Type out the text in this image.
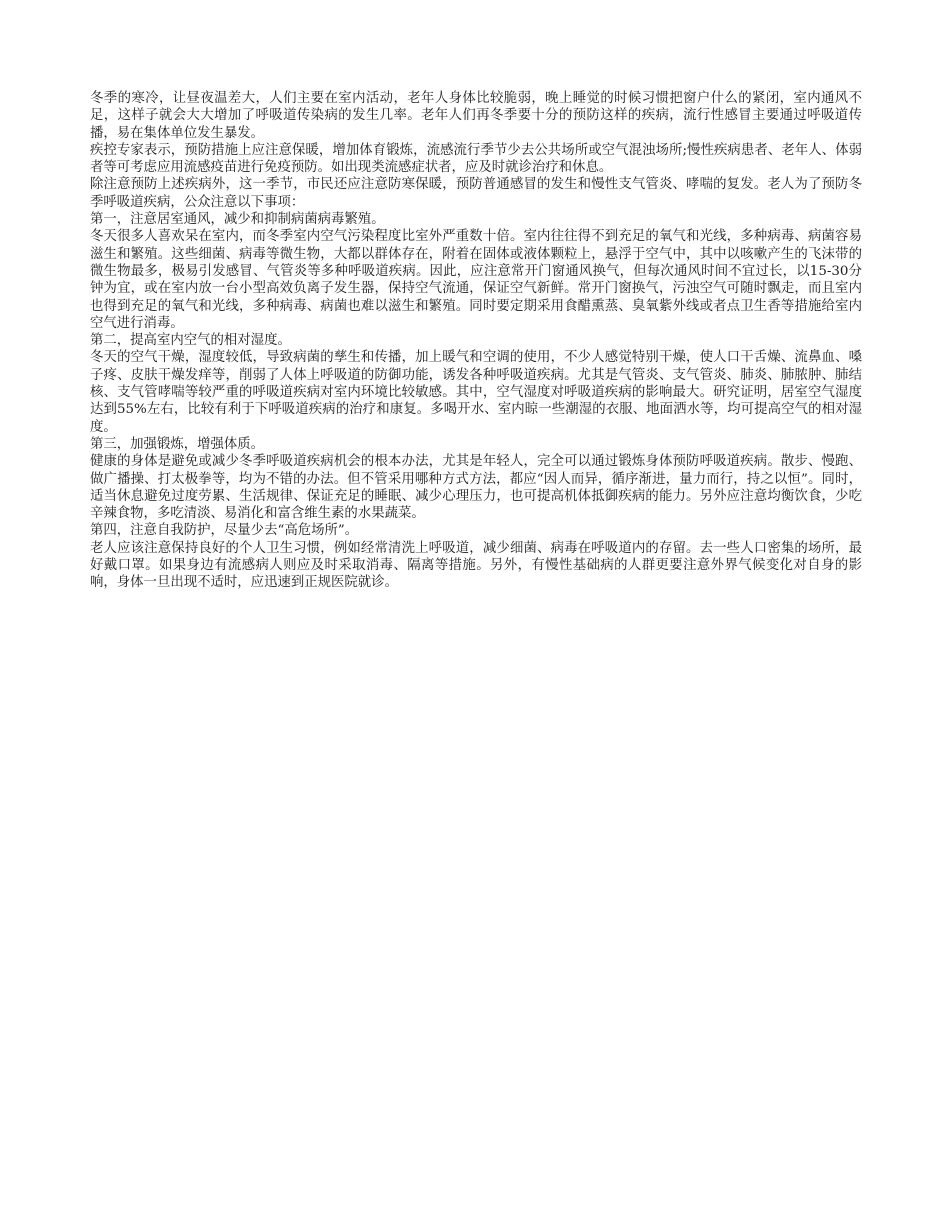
冬季的寒冷，让昼夜温差大，人们主要在室内活动，老年人身体比较脆弱，晚上睡觉的时候习惯把窗户什么的紧闭，室内通风不足，这样子就会大大增加了呼吸道传染病的发生几率。老年人们再冬季要十分的预防这样的疾病，流行性感冒主要通过呼吸道传播，易在集体单位发生暴发。

疾控专家表示，预防措施上应注意保暖，增加体育锻炼，流感流行季节少去公共场所或空气混浊场所;慢性疾病患者、老年人、体弱者等可考虑应用流感疫苗进行免疫预防。如出现类流感症状者，应及时就诊治疗和休息。

除注意预防上述疾病外，这一季节，市民还应注意防寒保暖，预防普通感冒的发生和慢性支气管炎、哮喘的复发。老人为了预防冬季呼吸道疾病，公众注意以下事项：

第一，注意居室通风，减少和抑制病菌病毒繁殖。

冬天很多人喜欢呆在室内，而冬季室内空气污染程度比室外严重数十倍。室内往往得不到充足的氧气和光线，多种病毒、病菌容易滋生和繁殖。这些细菌、病毒等微生物，大都以群体存在，附着在固体或液体颗粒上，悬浮于空气中，其中以咳嗽产生的飞沫带的微生物最多，极易引发感冒、气管炎等多种呼吸道疾病。因此，应注意常开门窗通风换气，但每次通风时间不宜过长，以15-30分钟为宜，或在室内放一台小型高效负离子发生器，保持空气流通，保证空气新鲜。常开门窗换气，污浊空气可随时飘走，而且室内也得到充足的氧气和光线，多种病毒、病菌也难以滋生和繁殖。同时要定期采用食醋熏蒸、臭氧紫外线或者点卫生香等措施给室内空气进行消毒。

第二，提高室内空气的相对湿度。

冬天的空气干燥，湿度较低，导致病菌的孳生和传播，加上暖气和空调的使用，不少人感觉特别干燥，使人口干舌燥、流鼻血、嗓子疼、皮肤干燥发痒等，削弱了人体上呼吸道的防御功能，诱发各种呼吸道疾病。尤其是气管炎、支气管炎、肺炎、肺脓肿、肺结核、支气管哮喘等较严重的呼吸道疾病对室内环境比较敏感。其中，空气湿度对呼吸道疾病的影响最大。研究证明，居室空气湿度达到55%左右，比较有利于下呼吸道疾病的治疗和康复。多喝开水、室内晾一些潮湿的衣服、地面洒水等，均可提高空气的相对湿度。

第三，加强锻炼，增强体质。

健康的身体是避免或减少冬季呼吸道疾病机会的根本办法，尤其是年轻人，完全可以通过锻炼身体预防呼吸道疾病。散步、慢跑、做广播操、打太极拳等，均为不错的办法。但不管采用哪种方式方法，都应“因人而异，循序渐进，量力而行，持之以恒”。同时，适当休息避免过度劳累、生活规律、保证充足的睡眠、减少心理压力，也可提高机体抵御疾病的能力。另外应注意均衡饮食，少吃辛辣食物，多吃清淡、易消化和富含维生素的水果蔬菜。

第四，注意自我防护，尽量少去“高危场所”。

老人应该注意保持良好的个人卫生习惯，例如经常清洗上呼吸道，减少细菌、病毒在呼吸道内的存留。去一些人口密集的场所，最好戴口罩。如果身边有流感病人则应及时采取消毒、隔离等措施。另外，有慢性基础病的人群更要注意外界气候变化对自身的影响，身体一旦出现不适时，应迅速到正规医院就诊。
